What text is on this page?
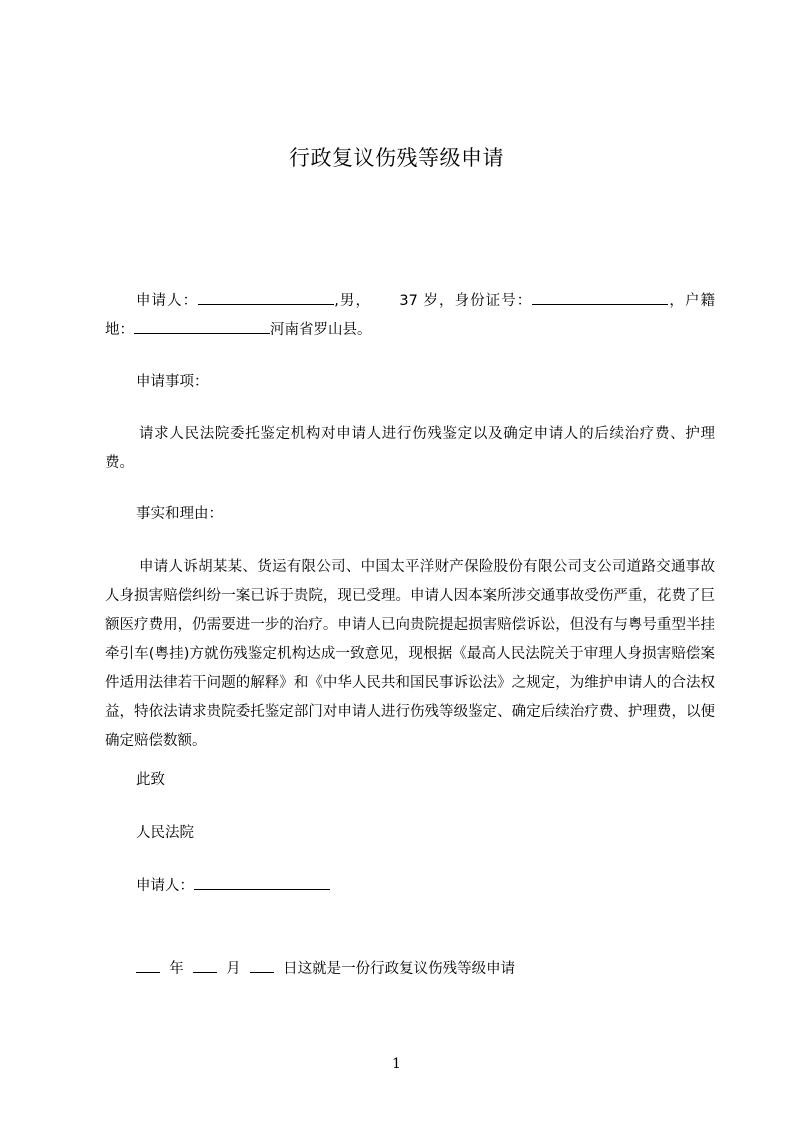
行政复议伤残等级申请

申请人：	,男， 37 岁，身份证号：	，户籍地：	河南省罗山县。

申请事项：

请求人民法院委托鉴定机构对申请人进行伤残鉴定以及确定申请人的后续治疗费、护理费。

事实和理由：

申请人诉胡某某、货运有限公司、中国太平洋财产保险股份有限公司支公司道路交通事故人身损害赔偿纠纷一案已诉于贵院，现已受理。申请人因本案所涉交通事故受伤严重，花费了巨额医疗费用，仍需要进一步的治疗。申请人已向贵院提起损害赔偿诉讼，但没有与粤号重型半挂牵引车(粤挂)方就伤残鉴定机构达成一致意见，现根据《最高人民法院关于审理人身损害赔偿案件适用法律若干问题的解释》和《中华人民共和国民事诉讼法》之规定，为维护申请人的合法权益，特依法请求贵院委托鉴定部门对申请人进行伤残等级鉴定、确定后续治疗费、护理费，以便确定赔偿数额。

此致

人民法院

申请人：

年	月	日这就是一份行政复议伤残等级申请

1
